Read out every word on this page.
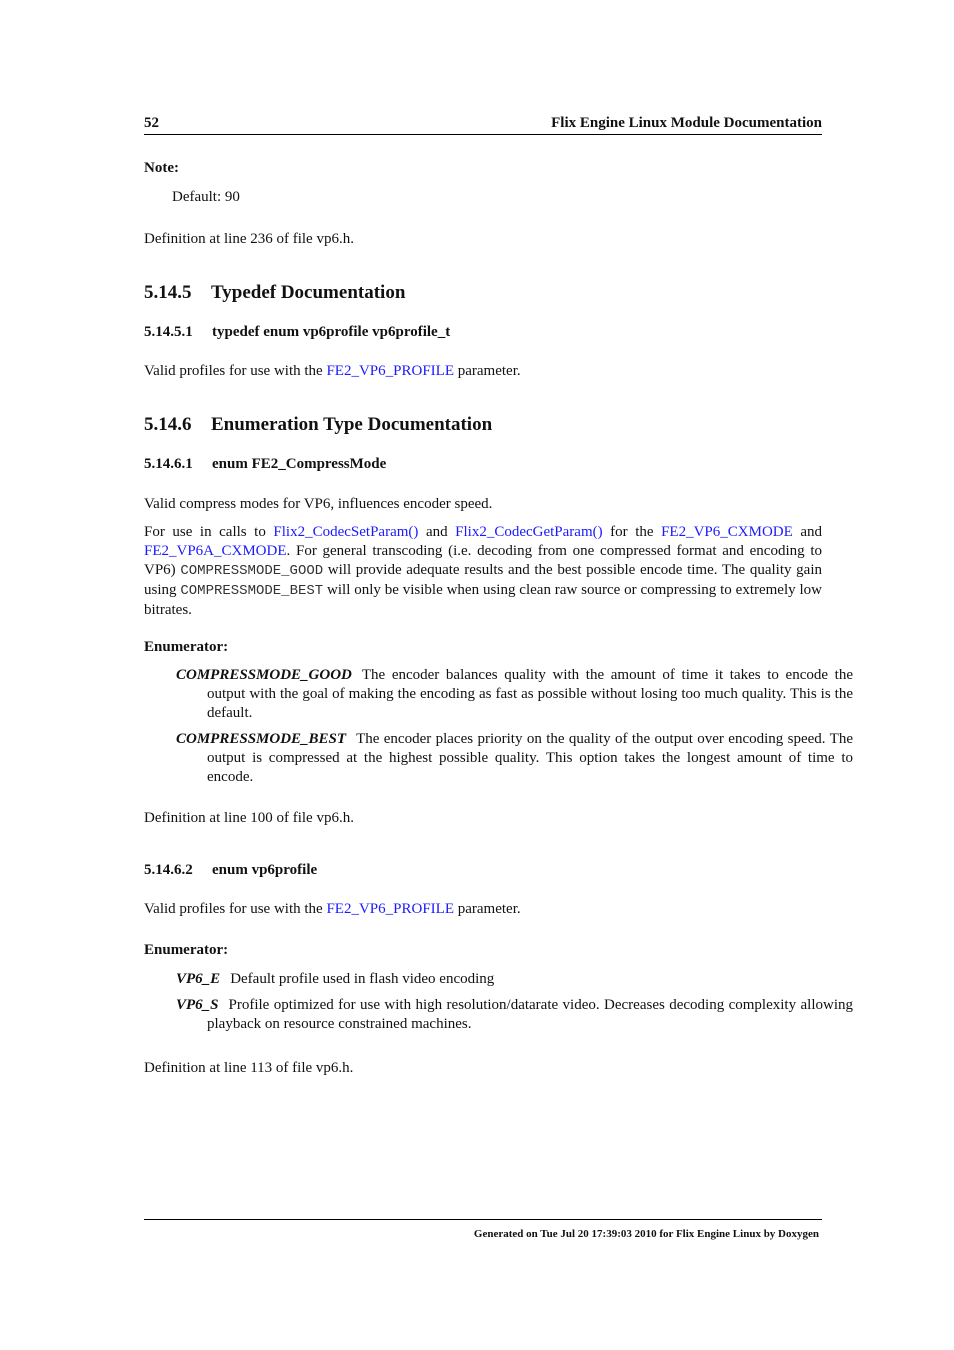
52	Flix Engine Linux Module Documentation
Note:
Default: 90
Definition at line 236 of file vp6.h.
5.14.5 Typedef Documentation
5.14.5.1 typedef enum vp6profile vp6profile_t
Valid profiles for use with the FE2_VP6_PROFILE parameter.
5.14.6 Enumeration Type Documentation
5.14.6.1 enum FE2_CompressMode
Valid compress modes for VP6, influences encoder speed.
For use in calls to Flix2_CodecSetParam() and Flix2_CodecGetParam() for the FE2_VP6_CXMODE and FE2_VP6A_CXMODE. For general transcoding (i.e. decoding from one compressed format and encoding to VP6) COMPRESSMODE_GOOD will provide adequate results and the best possible encode time. The quality gain using COMPRESSMODE_BEST will only be visible when using clean raw source or compressing to extremely low bitrates.
Enumerator:
COMPRESSMODE_GOOD The encoder balances quality with the amount of time it takes to encode the output with the goal of making the encoding as fast as possible without losing too much quality. This is the default.
COMPRESSMODE_BEST The encoder places priority on the quality of the output over encoding speed. The output is compressed at the highest possible quality. This option takes the longest amount of time to encode.
Definition at line 100 of file vp6.h.
5.14.6.2 enum vp6profile
Valid profiles for use with the FE2_VP6_PROFILE parameter.
Enumerator:
VP6_E Default profile used in flash video encoding
VP6_S Profile optimized for use with high resolution/datarate video. Decreases decoding complexity allowing playback on resource constrained machines.
Definition at line 113 of file vp6.h.
Generated on Tue Jul 20 17:39:03 2010 for Flix Engine Linux by Doxygen
